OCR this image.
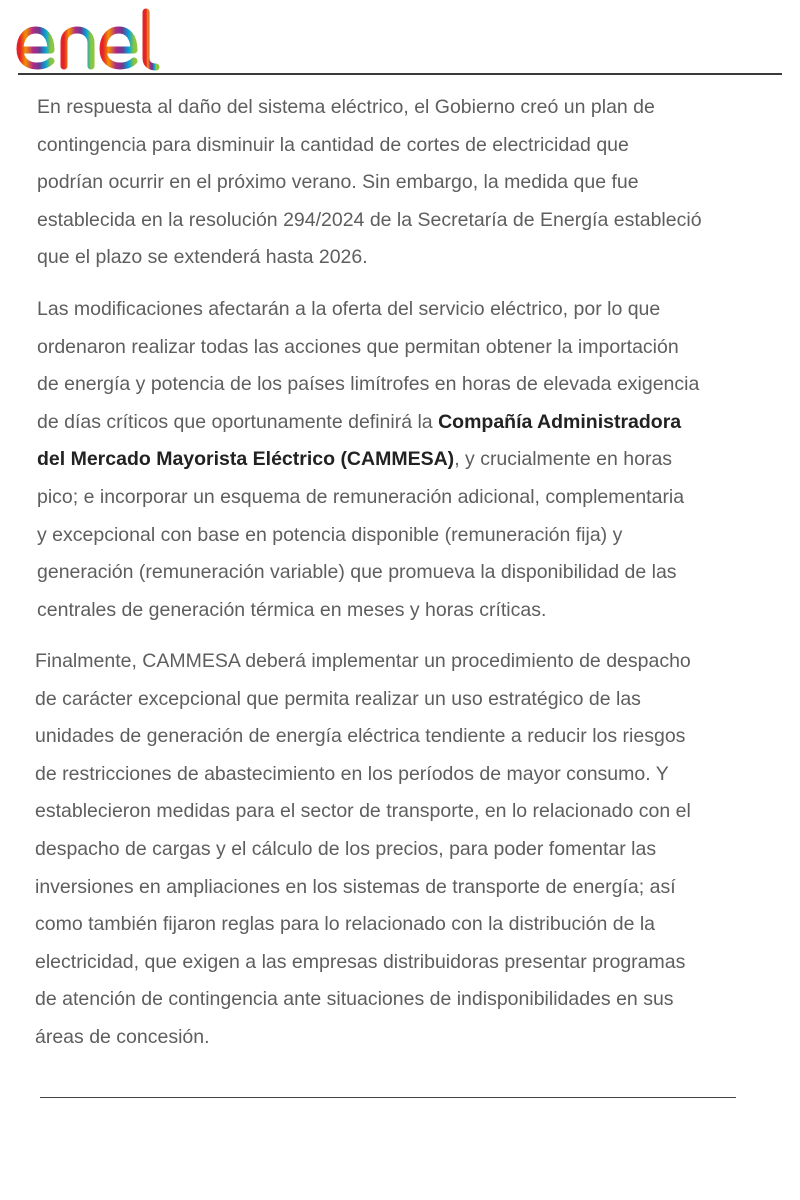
En respuesta al daño del sistema eléctrico, el Gobierno creó un plan de
contingencia para disminuir la cantidad de cortes de electricidad que
podrían ocurrir en el próximo verano. Sin embargo, la medida que fue
establecida en la resolución 294/2024 de la Secretaría de Energía estableció
que el plazo se extenderá hasta 2026.

Las modificaciones afectarán a la oferta del servicio eléctrico, por lo que
ordenaron realizar todas las acciones que permitan obtener la importación
de energía y potencia de los países limítrofes en horas de elevada exigencia
de días críticos que oportunamente definirá la Compañía Administradora
del Mercado Mayorista Eléctrico (CAMMESA), y crucialmente en horas
pico; e incorporar un esquema de remuneración adicional, complementaria
y excepcional con base en potencia disponible (remuneración fija) y
generación (remuneración variable) que promueva la disponibilidad de las
centrales de generación térmica en meses y horas críticas.

Finalmente, CAMMESA deberá implementar un procedimiento de despacho
de carácter excepcional que permita realizar un uso estratégico de las
unidades de generación de energía eléctrica tendiente a reducir los riesgos
de restricciones de abastecimiento en los períodos de mayor consumo. Y
establecieron medidas para el sector de transporte, en lo relacionado con el
despacho de cargas y el cálculo de los precios, para poder fomentar las
inversiones en ampliaciones en los sistemas de transporte de energía; así
como también fijaron reglas para lo relacionado con la distribución de la
electricidad, que exigen a las empresas distribuidoras presentar programas
de atención de contingencia ante situaciones de indisponibilidades en sus
áreas de concesión.
